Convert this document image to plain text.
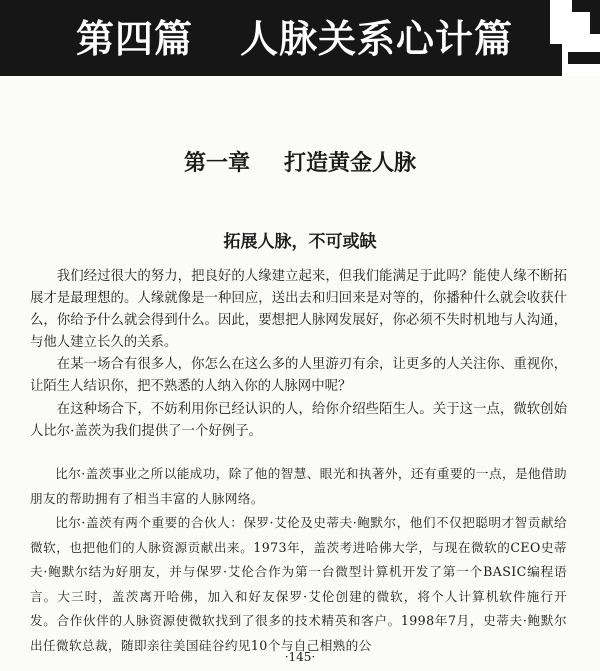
第四篇 人脉关系心计篇
第一章 打造黄金人脉
拓展人脉，不可或缺

我们经过很大的努力，把良好的人缘建立起来，但我们能满足于此吗？能使人缘不断拓展才是最理想的。人缘就像是一种回应，送出去和归回来是对等的，你播种什么就会收获什么，你给予什么就会得到什么。因此，要想把人脉网发展好，你必须不失时机地与人沟通，与他人建立长久的关系。

在某一场合有很多人，你怎么在这么多的人里游刃有余，让更多的人关注你、重视你，让陌生人结识你，把不熟悉的人纳入你的人脉网中呢？

在这种场合下，不妨利用你已经认识的人，给你介绍些陌生人。关于这一点，微软创始人比尔·盖茨为我们提供了一个好例子。

比尔·盖茨事业之所以能成功，除了他的智慧、眼光和执著外，还有重要的一点，是他借助朋友的帮助拥有了相当丰富的人脉网络。

比尔·盖茨有两个重要的合伙人：保罗·艾伦及史蒂夫·鲍默尔，他们不仅把聪明才智贡献给微软，也把他们的人脉资源贡献出来。1973年，盖茨考进哈佛大学，与现在微软的CEO史蒂夫·鲍默尔结为好朋友，并与保罗·艾伦合作为第一台微型计算机开发了第一个BASIC编程语言。大三时，盖茨离开哈佛，加入和好友保罗·艾伦创建的微软，将个人计算机软件施行开发。合作伙伴的人脉资源使微软找到了很多的技术精英和客户。1998年7月，史蒂夫·鲍默尔出任微软总裁，随即亲往美国硅谷约见10个与自己相熟的公

·145·
